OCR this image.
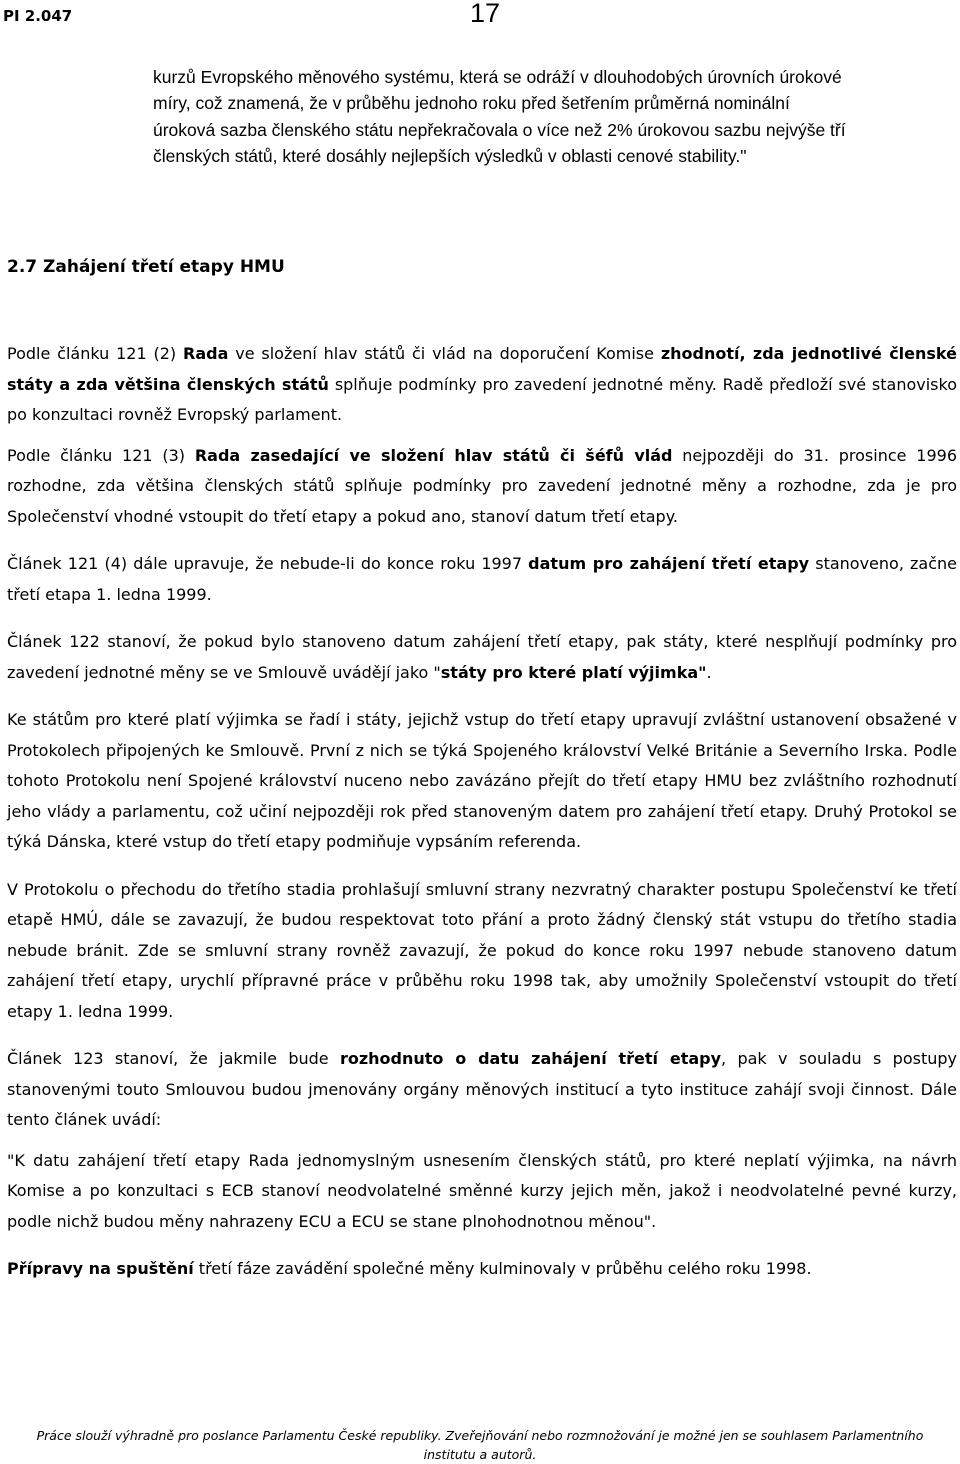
PI 2.047	17
kurzů Evropského měnového systému, která se odráží v dlouhodobých úrovních úrokové
míry, což znamená, že v průběhu jednoho roku před šetřením průměrná nominální
úroková sazba členského státu nepřekračovala o více než 2% úrokovou sazbu nejvýše tří
členských států, které dosáhly nejlepších výsledků v oblasti cenové stability."
2.7 Zahájení třetí etapy HMU

Podle článku 121 (2) Rada ve složení hlav států či vlád na doporučení Komise zhodnotí, zda jednotlivé členské státy a zda většina členských států splňuje podmínky pro zavedení jednotné měny. Radě předloží své stanovisko po konzultaci rovněž Evropský parlament.

Podle článku 121 (3) Rada zasedající ve složení hlav států či šéfů vlád nejpozději do 31. prosince 1996 rozhodne, zda většina členských států splňuje podmínky pro zavedení jednotné měny a rozhodne, zda je pro Společenství vhodné vstoupit do třetí etapy a pokud ano, stanoví datum třetí etapy.

Článek 121 (4) dále upravuje, že nebude-li do konce roku 1997 datum pro zahájení třetí etapy stanoveno, začne třetí etapa 1. ledna 1999.

Článek 122 stanoví, že pokud bylo stanoveno datum zahájení třetí etapy, pak státy, které nesplňují podmínky pro zavedení jednotné měny se ve Smlouvě uvádějí jako "státy pro které platí výjimka".

Ke státům pro které platí výjimka se řadí i státy, jejichž vstup do třetí etapy upravují zvláštní ustanovení obsažené v Protokolech připojených ke Smlouvě. První z nich se týká Spojeného království Velké Británie a Severního Irska. Podle tohoto Protokolu není Spojené království nuceno nebo zavázáno přejít do třetí etapy HMU bez zvláštního rozhodnutí jeho vlády a parlamentu, což učiní nejpozději rok před stanoveným datem pro zahájení třetí etapy. Druhý Protokol se týká Dánska, které vstup do třetí etapy podmiňuje vypsáním referenda.

V Protokolu o přechodu do třetího stadia prohlašují smluvní strany nezvratný charakter postupu Společenství ke třetí etapě HMÚ, dále se zavazují, že budou respektovat toto přání a proto žádný členský stát vstupu do třetího stadia nebude bránit. Zde se smluvní strany rovněž zavazují, že pokud do konce roku 1997 nebude stanoveno datum zahájení třetí etapy, urychlí přípravné práce v průběhu roku 1998 tak, aby umožnily Společenství vstoupit do třetí etapy 1. ledna 1999.

Článek 123 stanoví, že jakmile bude rozhodnuto o datu zahájení třetí etapy, pak v souladu s postupy stanovenými touto Smlouvou budou jmenovány orgány měnových institucí a tyto instituce zahájí svoji činnost. Dále tento článek uvádí:

"K datu zahájení třetí etapy Rada jednomyslným usnesením členských států, pro které neplatí výjimka, na návrh Komise a po konzultaci s ECB stanoví neodvolatelné směnné kurzy jejich měn, jakož i neodvolatelné pevné kurzy, podle nichž budou měny nahrazeny ECU a ECU se stane plnohodnotnou měnou".

Přípravy na spuštění třetí fáze zavádění společné měny kulminovaly v průběhu celého roku 1998.

Práce slouží výhradně pro poslance Parlamentu České republiky. Zveřejňování nebo rozmnožování je možné jen se souhlasem Parlamentního
institutu a autorů.
